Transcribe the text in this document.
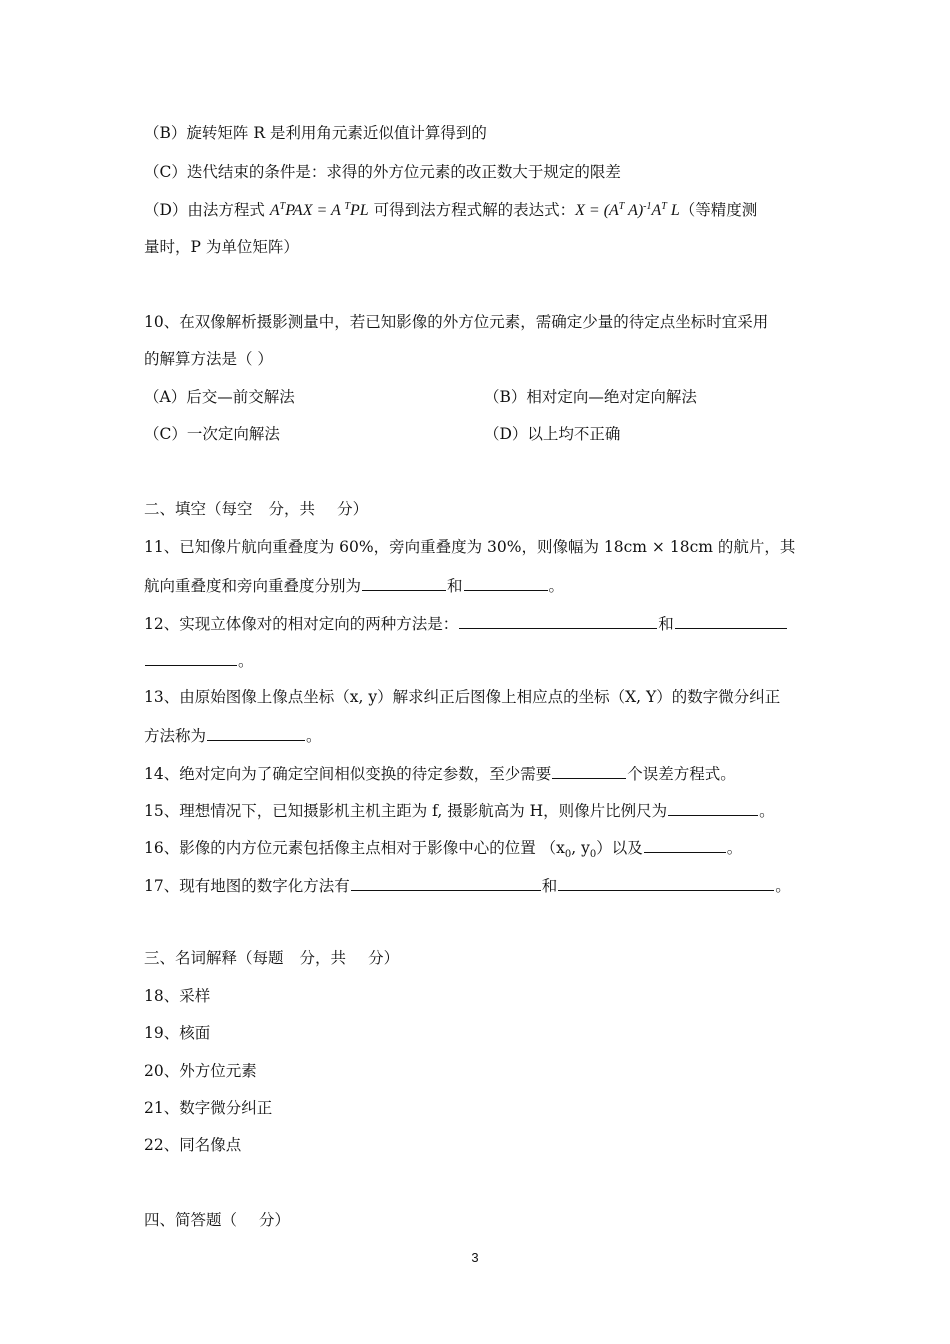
（B）旋转矩阵 R 是利用角元素近似值计算得到的
（C）迭代结束的条件是：求得的外方位元素的改正数大于规定的限差
（D）由法方程式 $A^TPAX = A$ $^T$PL 可得到法方程式解的表达式：$X = (A^T$ $A)^{-1}A^T$ L（等精度测
量时，P 为单位矩阵）
10、在双像解析摄影测量中，若已知影像的外方位元素，需确定少量的待定点坐标时宜采用
的解算方法是（ ）
（A）后交—前交解法	（B）相对定向—绝对定向解法
（C）一次定向解法	（D）以上均不正确
二、填空（每空 分，共 分）
11、已知像片航向重叠度为 60%，旁向重叠度为 30%，则像幅为 18cm × 18cm 的航片，其
航向重叠度和旁向重叠度分别为	和	。
12、实现立体像对的相对定向的两种方法是：	和
。
13、由原始图像上像点坐标（x, y）解求纠正后图像上相应点的坐标（X, Y）的数字微分纠正
方法称为	。
14、绝对定向为了确定空间相似变换的待定参数，至少需要	个误差方程式。
15、理想情况下，已知摄影机主机主距为 f, 摄影航高为 H，则像片比例尺为	。
16、影像的内方位元素包括像主点相对于影像中心的位置 （$x_0$, $y_0$）以及	。
17、现有地图的数字化方法有	和	。
三、名词解释（每题 分，共 分）
18、采样
19、核面
20、外方位元素
21、数字微分纠正
22、同名像点
四、简答题（ 分）
3
